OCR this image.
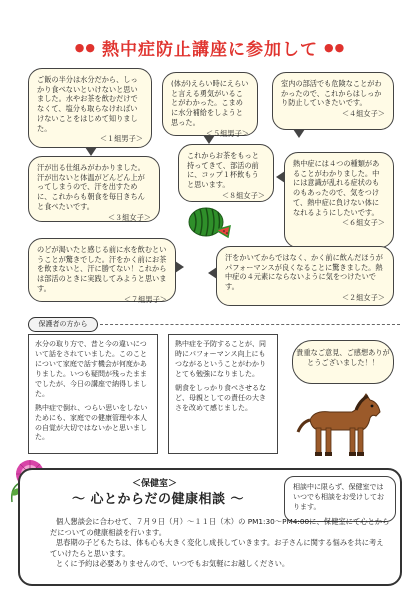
●● 熱中症防止講座に参加して ●●
ご飯の半分は水分だから、しっかり食べないといけないと思いました。水やお茶を飲むだけでなくて、塩分も取らなければいけないことをはじめて知りました。
＜１組男子＞
(体が)えらい時にえらいと言える勇気がいることがわかった。こまめに水分補給をしようと思った。
＜５組男子＞
室内の部活でも危険なことがわかったので、これからはしっかり防止していきたいです。
＜４組女子＞
これからお茶をもっと持ってきて、部活の前に、コップ１杯飲もうと思います。
＜８組女子＞
汗が出る仕組みがわかりました。汗が出ないと体温がどんどん上がってしまうので、汗を出すために、これからも朝食を毎日きちんと食べたいです。
＜３組女子＞
熱中症には４つの種類があることがわかりました。中には意識が乱れる症状のものもあったので、気をつけて、熱中症に負けない体になれるようにしたいです。
＜６組女子＞
のどが渇いたと感じる前に水を飲むということが驚きでした。汗をかく前にお茶を飲まないと、汗に勝てない！これからは部活のときに実践してみようと思います。
＜７組男子＞
汗をかいてからではなく、かく前に飲んだほうがパフォーマンスが良くなることに驚きました。熱中症の４元素にならないように気をつけたいです。
＜２組女子＞
保護者の方から
水分の取り方で、昔と今の違いについて話をされていました。このことについて家庭で話す機会が何度かありました。いつも疑問が残ったままでしたが、今日の講座で納得しました。
熱中症で倒れ、つらい思いをしないためにも、家庭での健康管理や本人の自覚が大切ではないかと思いました。
熱中症を予防することが、同時にパフォーマンス向上にもつながるということがわかりとても勉強になりました。
朝食をしっかり食べさせるなど、母親としての責任の大きさを改めて感じました。
貴重なご意見、ご感想ありがとうございました！！
＜保健室＞
〜 心とからだの健康相談 〜
相談中に限らず、保健室ではいつでも相談をお受けしております。

個人懇談会に合わせて、７月９日（月）〜１１日（木）の PM1:30〜PM4:00に、保健室にて心とからだについての健康相談を行います。

思春期の子どもたちは、体も心も大きく変化し成長していきます。お子さんに関する悩みを共に考えていけたらと思います。

とくに予約は必要ありませんので、いつでもお気軽にお越しください。
